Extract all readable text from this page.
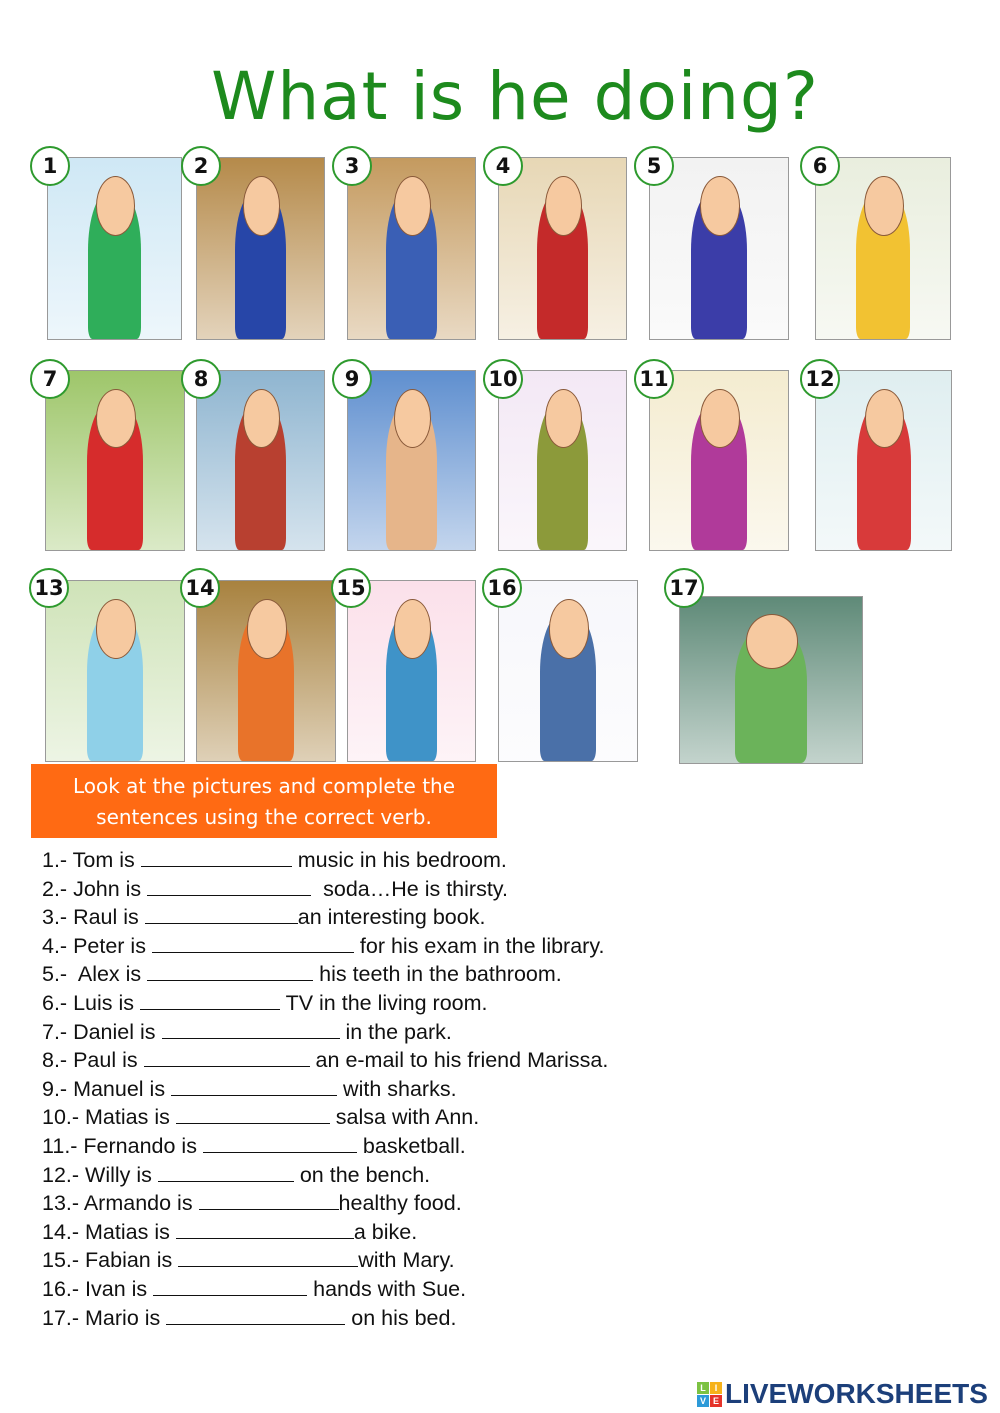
What is he doing?
1	2	3	4	5	6
7	8	9	10	11	12
13	14	15	16	17
Look at the pictures and complete the
sentences using the correct verb.
1.- Tom is	music in his bedroom.
2.- John is	soda…He is thirsty.
3.- Raul is	an interesting book.
4.- Peter is	for his exam in the library.
5.-  Alex is	his teeth in the bathroom.
6.- Luis is	TV in the living room.
7.- Daniel is	in the park.
8.- Paul is	an e-mail to his friend Marissa.
9.- Manuel is	with sharks.
10.- Matias is	salsa with Ann.
11.- Fernando is	basketball.
12.- Willy is	on the bench.
13.- Armando is	healthy food.
14.- Matias is	a bike.
15.- Fabian is	with Mary.
16.- Ivan is	hands with Sue.
17.- Mario is	on his bed.
L I
V E LIVEWORKSHEETS
